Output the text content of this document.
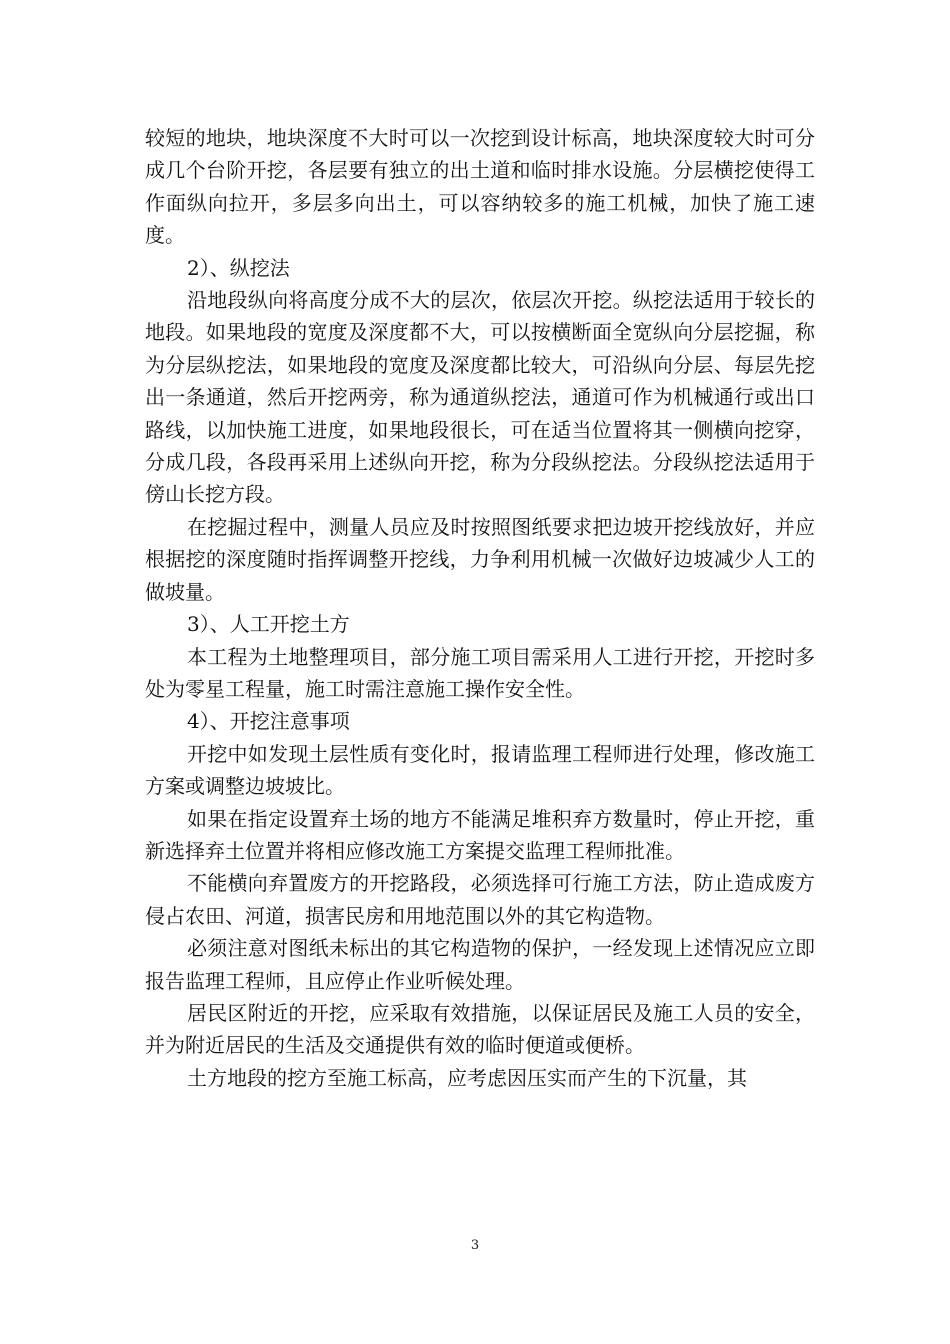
较短的地块，地块深度不大时可以一次挖到设计标高，地块深度较大时可分成几个台阶开挖，各层要有独立的出土道和临时排水设施。分层横挖使得工作面纵向拉开，多层多向出土，可以容纳较多的施工机械，加快了施工速度。

2）、纵挖法

沿地段纵向将高度分成不大的层次，依层次开挖。纵挖法适用于较长的地段。如果地段的宽度及深度都不大，可以按横断面全宽纵向分层挖掘，称为分层纵挖法，如果地段的宽度及深度都比较大，可沿纵向分层、每层先挖出一条通道，然后开挖两旁，称为通道纵挖法，通道可作为机械通行或出口路线，以加快施工进度，如果地段很长，可在适当位置将其一侧横向挖穿，分成几段，各段再采用上述纵向开挖，称为分段纵挖法。分段纵挖法适用于傍山长挖方段。

在挖掘过程中，测量人员应及时按照图纸要求把边坡开挖线放好，并应根据挖的深度随时指挥调整开挖线，力争利用机械一次做好边坡减少人工的做坡量。

3）、人工开挖土方

本工程为土地整理项目，部分施工项目需采用人工进行开挖，开挖时多处为零星工程量，施工时需注意施工操作安全性。

4）、开挖注意事项

开挖中如发现土层性质有变化时，报请监理工程师进行处理，修改施工方案或调整边坡坡比。

如果在指定设置弃土场的地方不能满足堆积弃方数量时，停止开挖，重新选择弃土位置并将相应修改施工方案提交监理工程师批准。

不能横向弃置废方的开挖路段，必须选择可行施工方法，防止造成废方侵占农田、河道，损害民房和用地范围以外的其它构造物。

必须注意对图纸未标出的其它构造物的保护，一经发现上述情况应立即报告监理工程师，且应停止作业听候处理。

居民区附近的开挖，应采取有效措施，以保证居民及施工人员的安全，并为附近居民的生活及交通提供有效的临时便道或便桥。

土方地段的挖方至施工标高，应考虑因压实而产生的下沉量，其

3
